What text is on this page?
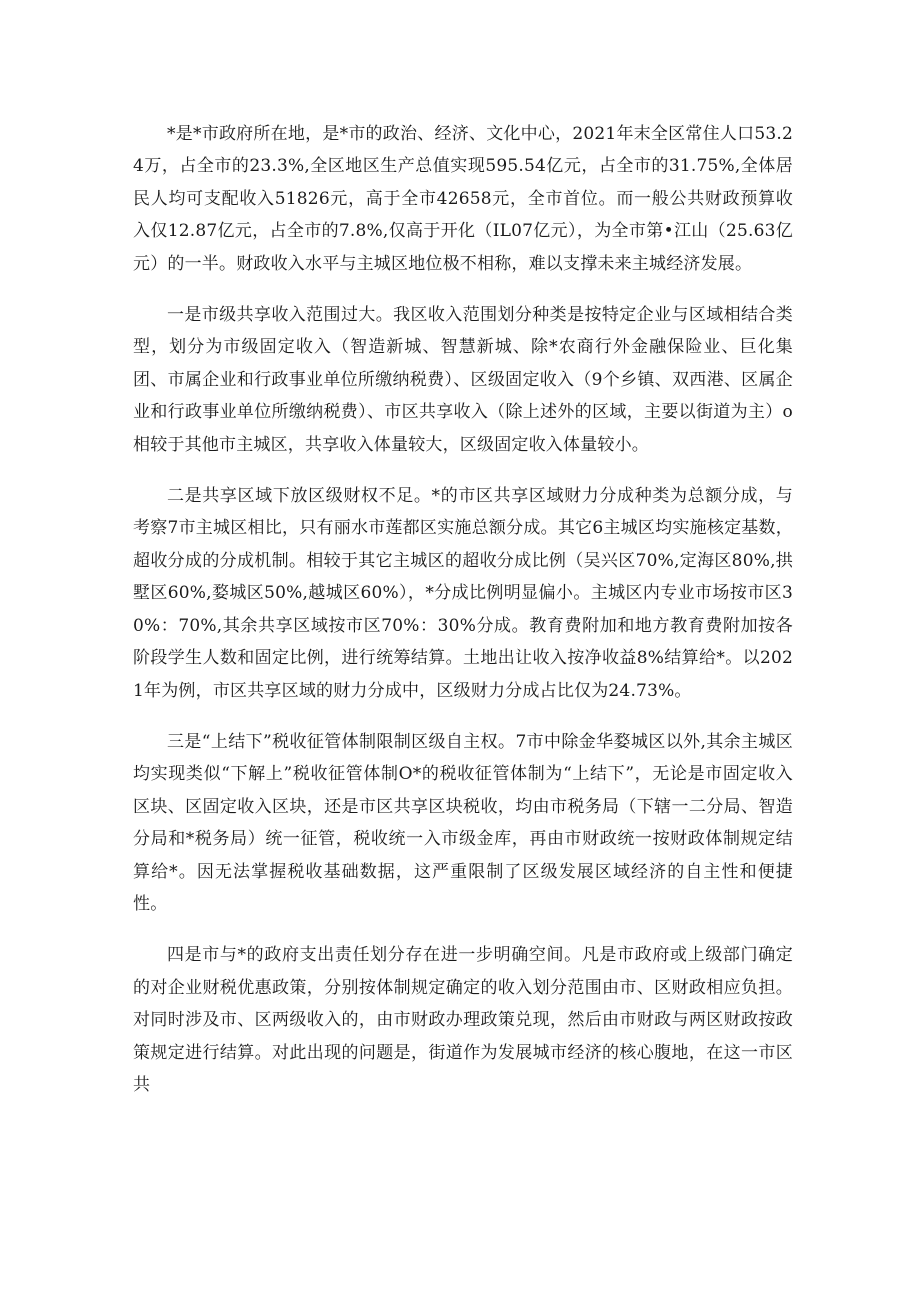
*是*市政府所在地，是*市的政治、经济、文化中心，2021年末全区常住人口53.24万，占全市的23.3%,全区地区生产总值实现595.54亿元，占全市的31.75%,全体居民人均可支配收入51826元，高于全市42658元，全市首位。而一般公共财政预算收入仅12.87亿元，占全市的7.8%,仅高于开化（IL07亿元），为全市第•江山（25.63亿元）的一半。财政收入水平与主城区地位极不相称，难以支撑未来主城经济发展。

一是市级共享收入范围过大。我区收入范围划分种类是按特定企业与区域相结合类型，划分为市级固定收入（智造新城、智慧新城、除*农商行外金融保险业、巨化集团、市属企业和行政事业单位所缴纳税费）、区级固定收入（9个乡镇、双西港、区属企业和行政事业单位所缴纳税费）、市区共享收入（除上述外的区域，主要以街道为主）o相较于其他市主城区，共享收入体量较大，区级固定收入体量较小。

二是共享区域下放区级财权不足。*的市区共享区域财力分成种类为总额分成，与考察7市主城区相比，只有丽水市莲都区实施总额分成。其它6主城区均实施核定基数，超收分成的分成机制。相较于其它主城区的超收分成比例（吴兴区70%,定海区80%,拱墅区60%,婺城区50%,越城区60%），*分成比例明显偏小。主城区内专业市场按市区30%：70%,其余共享区域按市区70%：30%分成。教育费附加和地方教育费附加按各阶段学生人数和固定比例，进行统筹结算。土地出让收入按净收益8%结算给*。以2021年为例，市区共享区域的财力分成中，区级财力分成占比仅为24.73%。

三是“上结下”税收征管体制限制区级自主权。7市中除金华婺城区以外,其余主城区均实现类似“下解上”税收征管体制O*的税收征管体制为“上结下”，无论是市固定收入区块、区固定收入区块，还是市区共享区块税收，均由市税务局（下辖一二分局、智造分局和*税务局）统一征管，税收统一入市级金库，再由市财政统一按财政体制规定结算给*。因无法掌握税收基础数据，这严重限制了区级发展区域经济的自主性和便捷性。

四是市与*的政府支出责任划分存在进一步明确空间。凡是市政府或上级部门确定的对企业财税优惠政策，分别按体制规定确定的收入划分范围由市、区财政相应负担。对同时涉及市、区两级收入的，由市财政办理政策兑现，然后由市财政与两区财政按政策规定进行结算。对此出现的问题是，街道作为发展城市经济的核心腹地，在这一市区共
